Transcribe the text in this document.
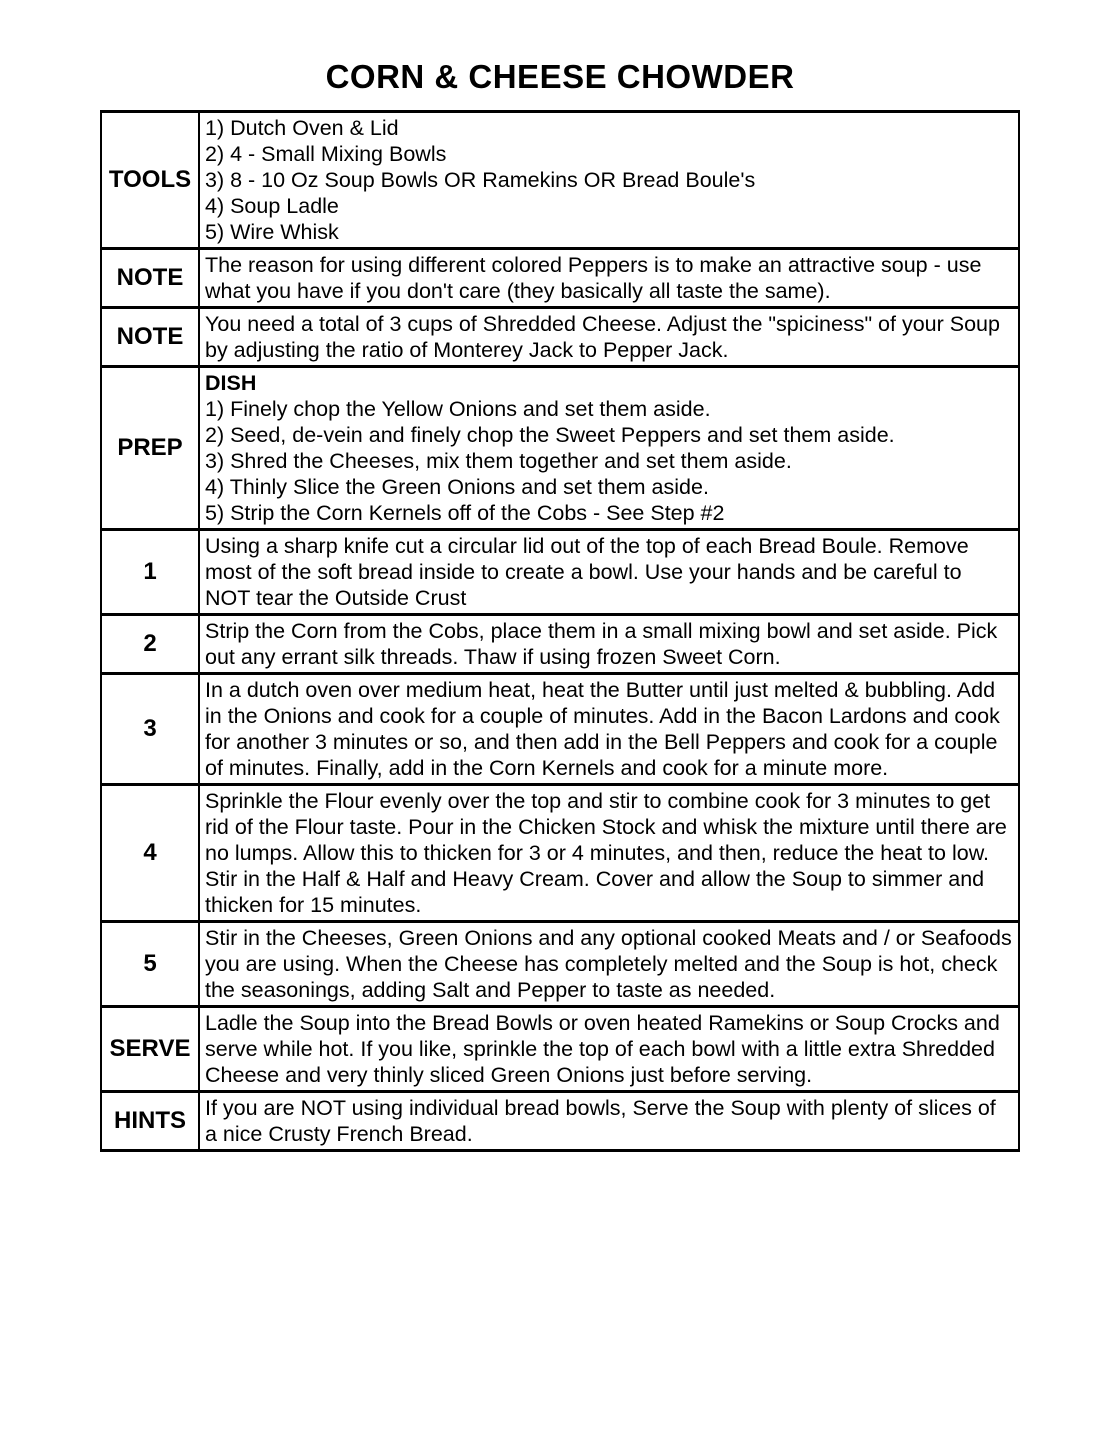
CORN & CHEESE CHOWDER
TOOLS	1) Dutch Oven & Lid
2) 4 - Small Mixing Bowls
3) 8 - 10 Oz Soup Bowls OR Ramekins OR Bread Boule's
4) Soup Ladle
5) Wire Whisk

NOTE	The reason for using different colored Peppers is to make an attractive soup - use what you have if you don't care (they basically all taste the same).

NOTE	You need a total of 3 cups of Shredded Cheese. Adjust the "spiciness" of your Soup by adjusting the ratio of Monterey Jack to Pepper Jack.

PREP	
DISH
1) Finely chop the Yellow Onions and set them aside.
2) Seed, de-vein and finely chop the Sweet Peppers and set them aside.
3) Shred the Cheeses, mix them together and set them aside.
4) Thinly Slice the Green Onions and set them aside.
5) Strip the Corn Kernels off of the Cobs - See Step #2

1	Using a sharp knife cut a circular lid out of the top of each Bread Boule. Remove most of the soft bread inside to create a bowl. Use your hands and be careful to NOT tear the Outside Crust

2	Strip the Corn from the Cobs, place them in a small mixing bowl and set aside. Pick out any errant silk threads. Thaw if using frozen Sweet Corn.

3	In a dutch oven over medium heat, heat the Butter until just melted & bubbling. Add in the Onions and cook for a couple of minutes. Add in the Bacon Lardons and cook for another 3 minutes or so, and then add in the Bell Peppers and cook for a couple of minutes. Finally, add in the Corn Kernels and cook for a minute more.

4	Sprinkle the Flour evenly over the top and stir to combine cook for 3 minutes to get rid of the Flour taste. Pour in the Chicken Stock and whisk the mixture until there are no lumps. Allow this to thicken for 3 or 4 minutes, and then, reduce the heat to low. Stir in the Half & Half and Heavy Cream. Cover and allow the Soup to simmer and thicken for 15 minutes.

5	Stir in the Cheeses, Green Onions and any optional cooked Meats and / or Seafoods you are using. When the Cheese has completely melted and the Soup is hot, check the seasonings, adding Salt and Pepper to taste as needed.

SERVE	Ladle the Soup into the Bread Bowls or oven heated Ramekins or Soup Crocks and serve while hot. If you like, sprinkle the top of each bowl with a little extra Shredded Cheese and very thinly sliced Green Onions just before serving.

HINTS	If you are NOT using individual bread bowls, Serve the Soup with plenty of slices of a nice Crusty French Bread.
